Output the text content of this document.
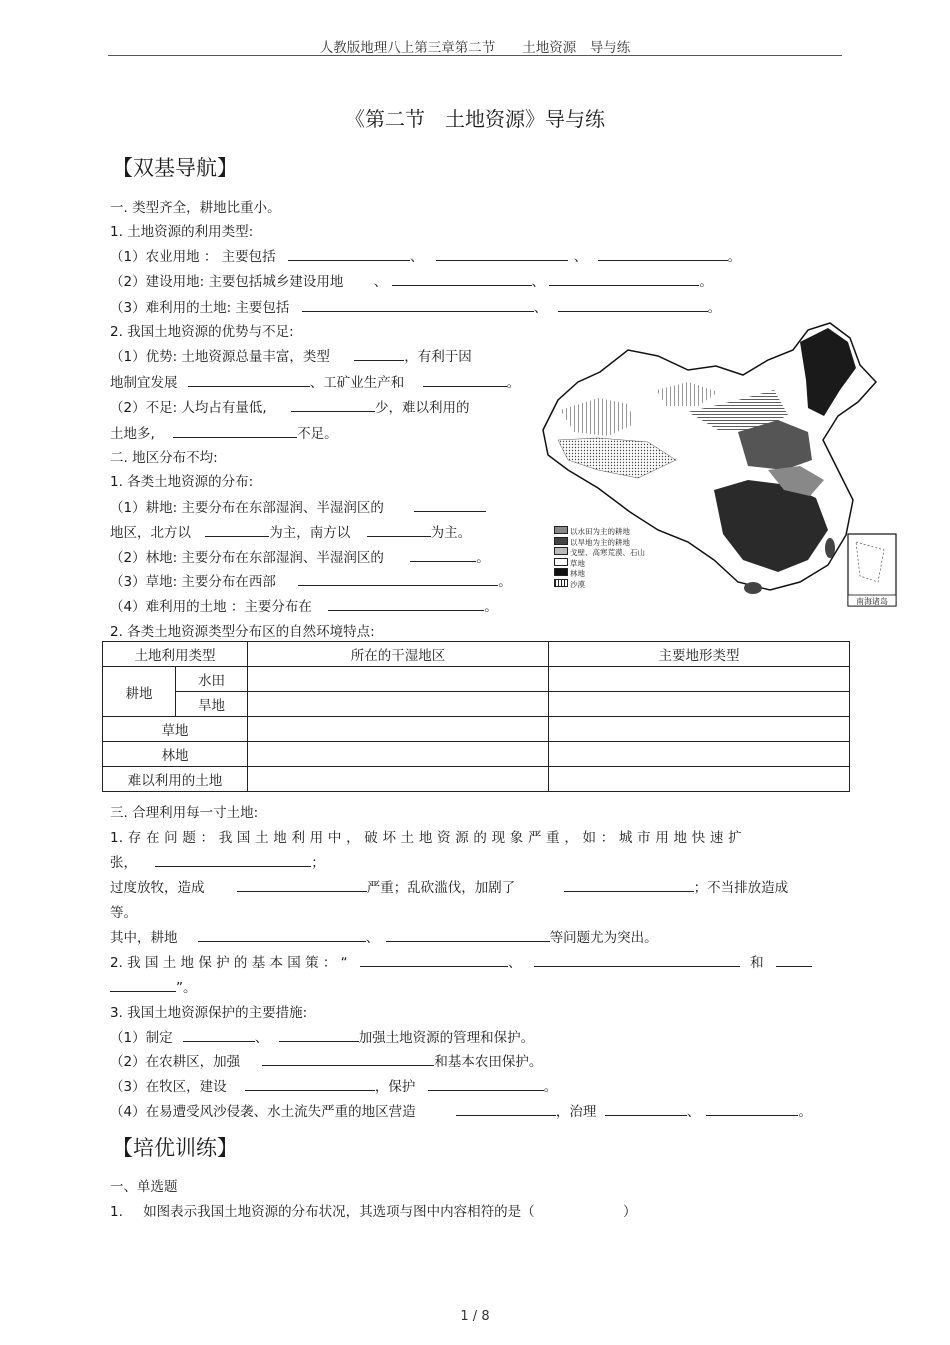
人教版地理八上第三章第二节　　土地资源　导与练
《第二节　土地资源》导与练
【双基导航】
一. 类型齐全，耕地比重小。
1. 土地资源的利用类型:
（1）农业用地 ： 主要包括	、	、	。
（2）建设用地: 主要包括城乡建设用地 、	、	。
（3）难利用的土地: 主要包括	、	。
2. 我国土地资源的优势与不足:
（1）优势: 土地资源总量丰富，类型	，有利于因
地制宜发展	、工矿业生产和	。
（2）不足: 人均占有量低,	少，难以利用的
土地多,	不足。
二. 地区分布不均:
1. 各类土地资源的分布:
（1）耕地: 主要分布在东部湿润、半湿润区的
地区，北方以	为主，南方以	为主。
（2）林地: 主要分布在东部湿润、半湿润区的	。
（3）草地: 主要分布在西部	。
（4）难利用的土地 ：主要分布在	。
2. 各类土地资源类型分布区的自然环境特点:
以水田为主的耕地
以旱地为主的耕地
戈壁、高寒荒漠、石山
草地
林地
沙漠
南海诸岛
土地利用类型		所在的干湿地区	主要地形类型
耕地	水田		
	旱地		
草地			
林地			
难以利用的土地			
三. 合理利用每一寸土地:
1. 存 在 问 题 ： 我 国 土 地 利 用 中 ， 破 坏 土 地 资 源 的 现 象 严 重 ， 如 ： 城 市 用 地 快 速 扩
张，	；
过度放牧，造成	严重；乱砍滥伐，加剧了	；不当排放造成
等。
其中，耕地	、	等问题尤为突出。
2. 我 国 土 地 保 护 的 基 本 国 策 ： “	、	和
”。
3. 我国土地资源保护的主要措施:
（1）制定	、	加强土地资源的管理和保护。
（2）在农耕区，加强	和基本农田保护。
（3）在牧区，建设	，保护	。
（4）在易遭受风沙侵袭、水土流失严重的地区营造	，治理	、	。
【培优训练】
一、单选题
1. 如图表示我国土地资源的分布状况，其选项与图中内容相符的是（	）
1 / 8
